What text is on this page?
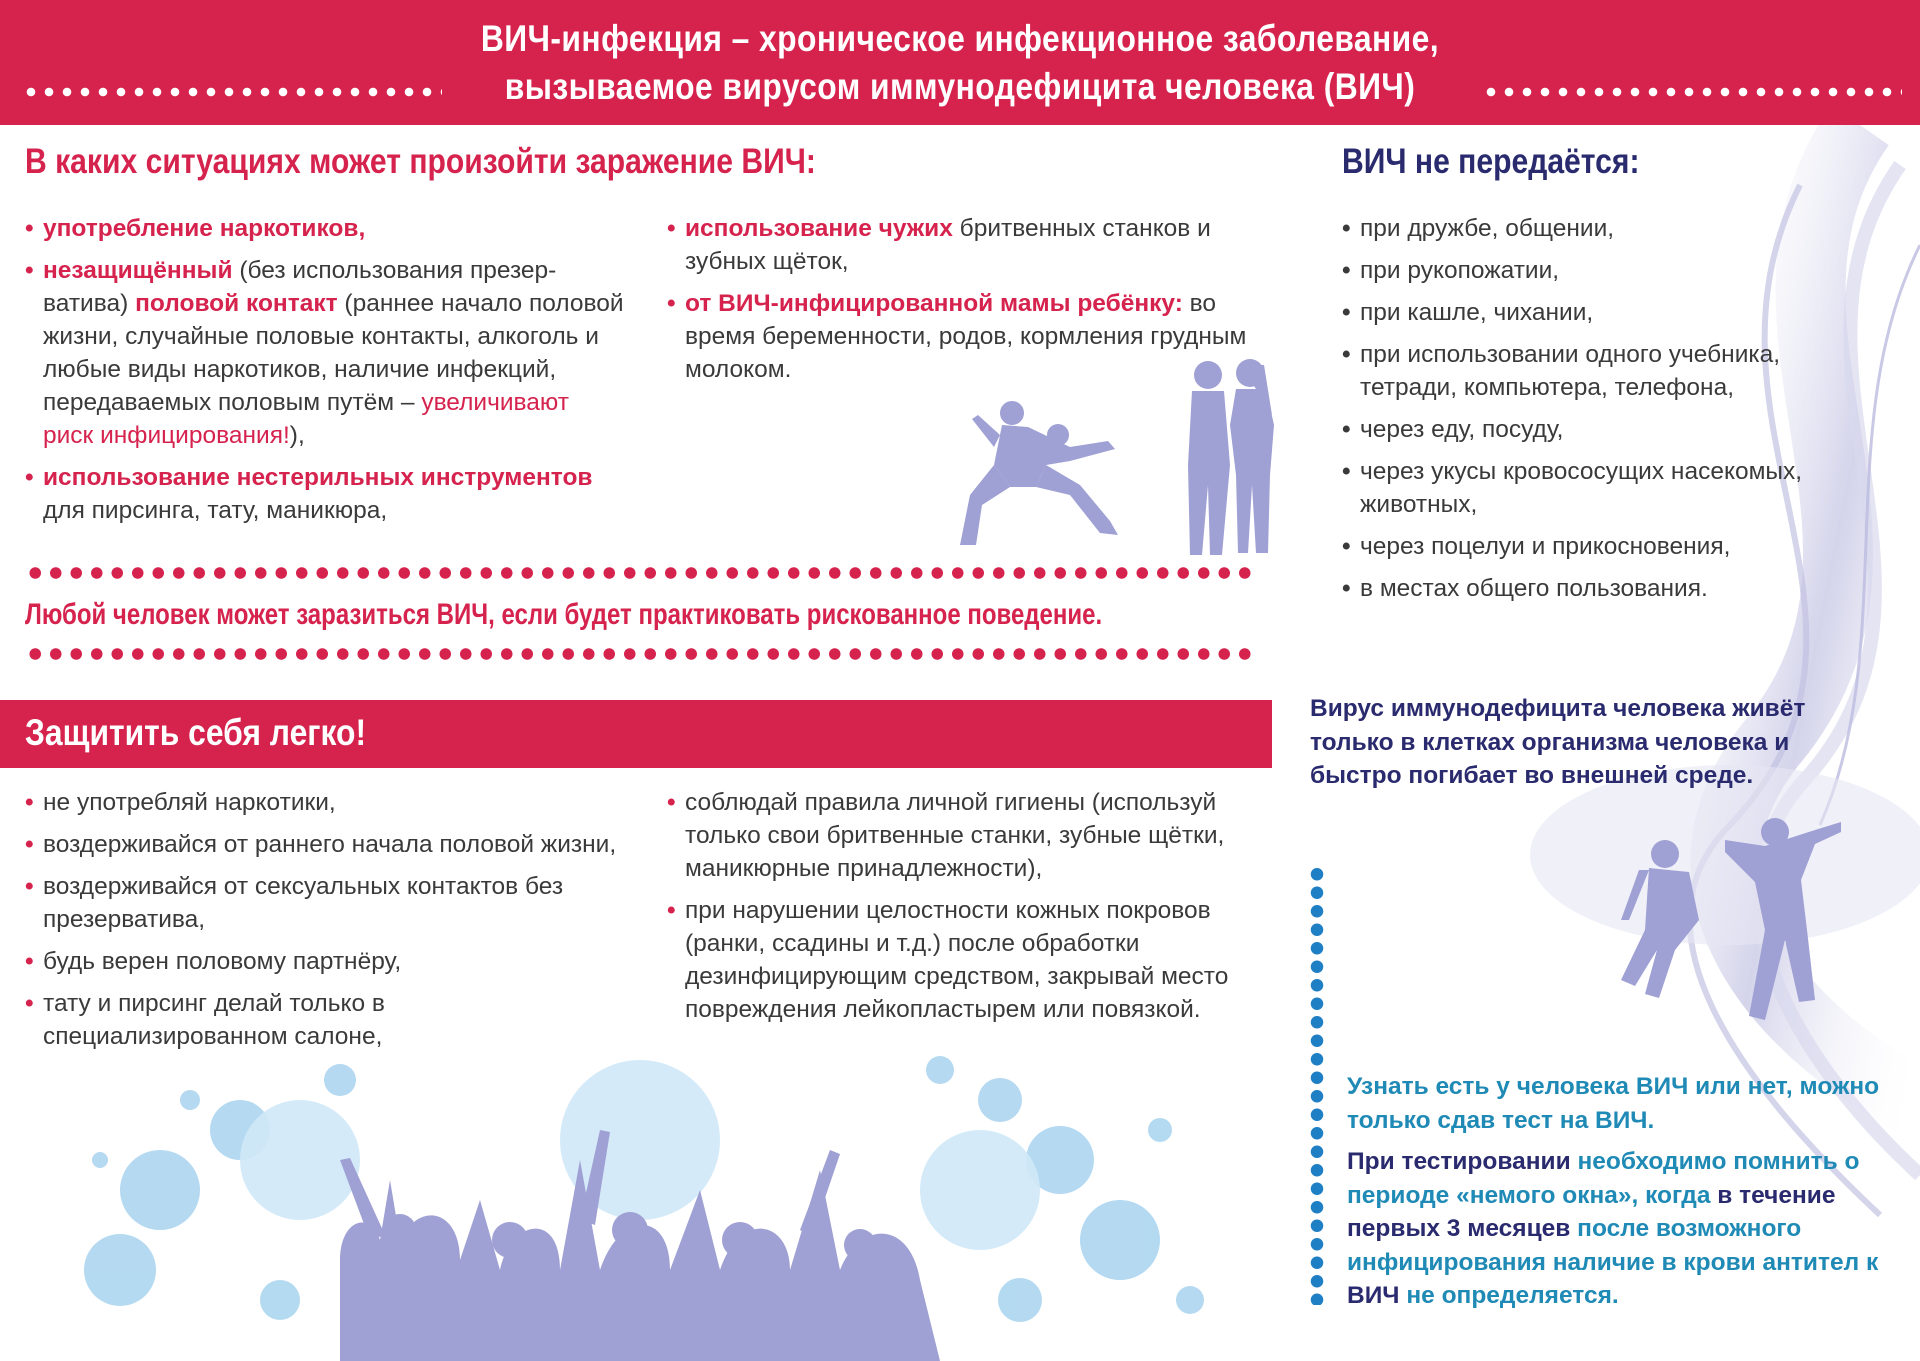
ВИЧ-инфекция – хроническое инфекционное заболевание,
вызываемое вирусом иммунодефицита человека (ВИЧ)
В каких ситуациях может произойти заражение ВИЧ:
• употребление наркотиков,
• незащищённый (без использования презерватива) половой контакт (раннее начало половой жизни, случайные половые контакты, алкоголь и любые виды наркотиков, наличие инфекций, передаваемых половым путём – увеличивают риск инфицирования!),
• использование нестерильных инструментов для пирсинга, тату, маникюра,
• использование чужих бритвенных станков и зубных щёток,
• от ВИЧ-инфицированной мамы ребёнку: во время беременности, родов, кормления грудным молоком.
Любой человек может заразиться ВИЧ, если будет практиковать рискованное поведение.
ВИЧ не передаётся:
• при дружбе, общении,
• при рукопожатии,
• при кашле, чихании,
• при использовании одного учебника, тетради, компьютера, телефона,
• через еду, посуду,
• через укусы кровососущих насекомых, животных,
• через поцелуи и прикосновения,
• в местах общего пользования.
Защитить себя легко!
• не употребляй наркотики,
• воздерживайся от раннего начала половой жизни,
• воздерживайся от сексуальных контактов без презерватива,
• будь верен половому партнёру,
• тату и пирсинг делай только в специализированном салоне,
• соблюдай правила личной гигиены (используй только свои бритвенные станки, зубные щётки, маникюрные принадлежности),
• при нарушении целостности кожных покровов (ранки, ссадины и т.д.) после обработки дезинфицирующим средством, закрывай место повреждения лейкопластырем или повязкой.
Вирус иммунодефицита человека живёт только в клетках организма человека и быстро погибает во внешней среде.
Узнать есть у человека ВИЧ или нет, можно только сдав тест на ВИЧ.
При тестировании необходимо помнить о периоде «немого окна», когда в течение первых 3 месяцев после возможного инфицирования наличие в крови антител к ВИЧ не определяется.
